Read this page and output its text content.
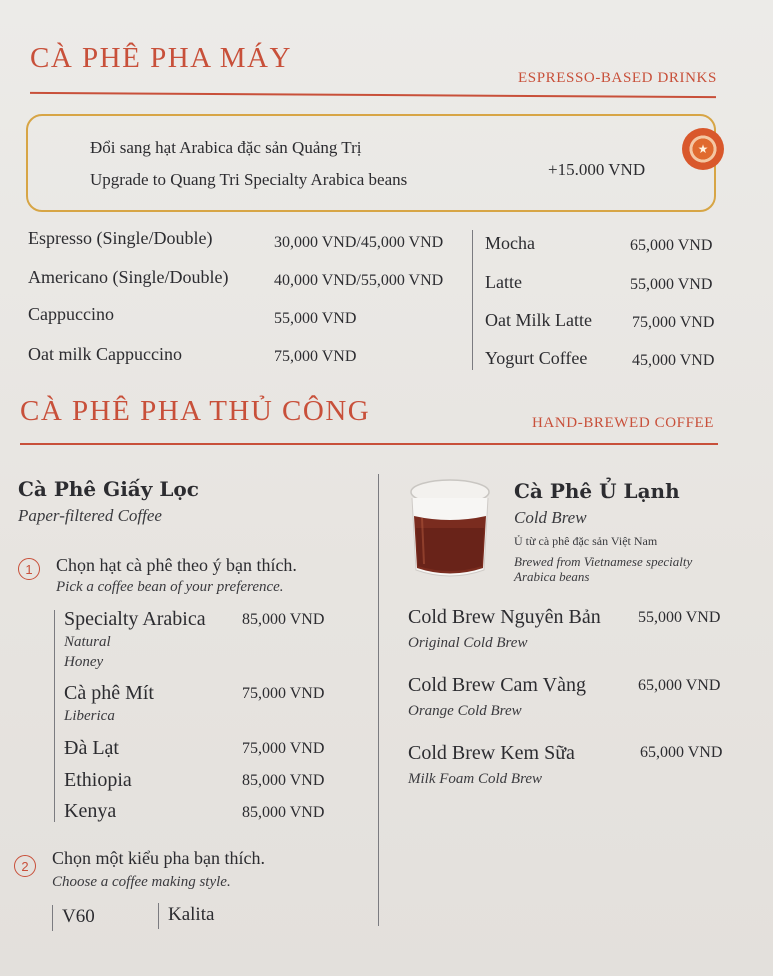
CÀ PHÊ PHA MÁY
ESPRESSO-BASED DRINKS
Đổi sang hạt Arabica đặc sản Quảng Trị
Upgrade to Quang Tri Specialty Arabica beans
+15.000 VND
★
Espresso (Single/Double)	30,000 VND/45,000 VND
Americano (Single/Double)	40,000 VND/55,000 VND
Cappuccino	55,000 VND
Oat milk Cappuccino	75,000 VND
Mocha	65,000 VND
Latte	55,000 VND
Oat Milk Latte	75,000 VND
Yogurt Coffee	45,000 VND
CÀ PHÊ PHA THỦ CÔNG	HAND-BREWED COFFEE
Cà Phê Giấy Lọc
Paper-filtered Coffee
1	Chọn hạt cà phê theo ý bạn thích.
Pick a coffee bean of your preference.
Specialty Arabica 85,000 VND
Natural
Honey
Cà phê Mít	75,000 VND
Liberica
Đà Lạt	75,000 VND
Ethiopia	85,000 VND
Kenya	85,000 VND
2	Chọn một kiểu pha bạn thích.
Choose a coffee making style.
V60	Kalita
Cà Phê Ủ Lạnh
Cold Brew
Ủ từ cà phê đặc sản Việt Nam
Brewed from Vietnamese specialty
Arabica beans
Cold Brew Nguyên Bản 55,000 VND
Original Cold Brew
Cold Brew Cam Vàng	65,000 VND
Orange Cold Brew
Cold Brew Kem Sữa	65,000 VND
Milk Foam Cold Brew
